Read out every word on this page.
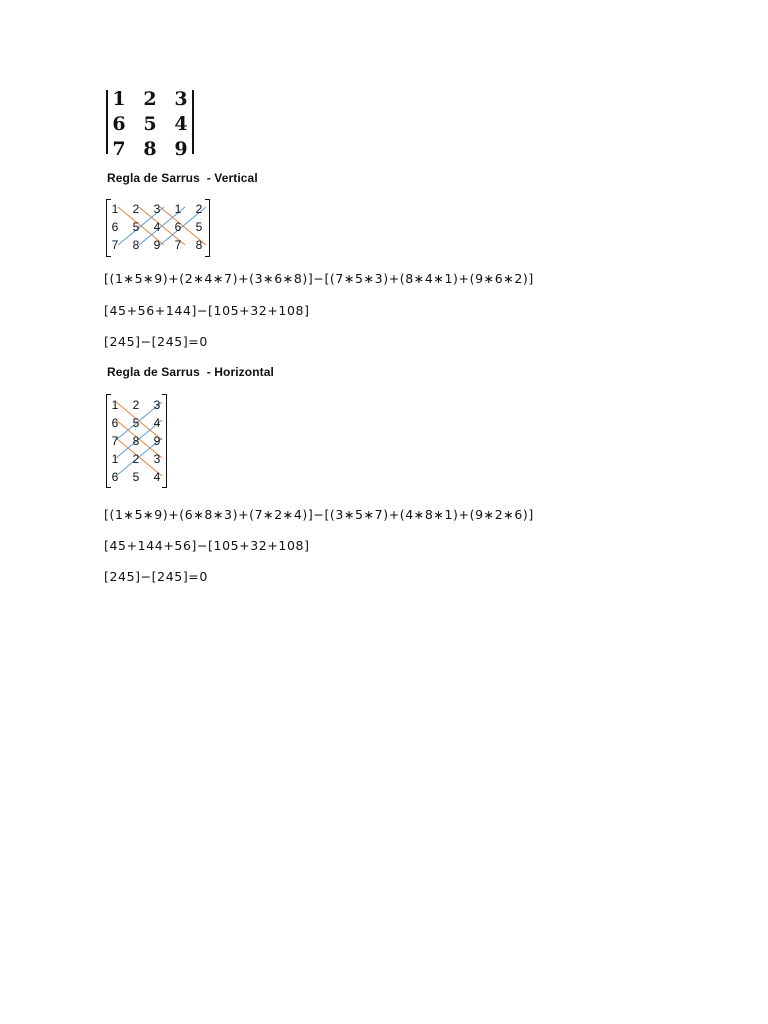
1 2 3
6 5 4
7 8 9
Regla de Sarrus  - Vertical
1 2 3 1 2
6 5 4 6 5
7 8 9 7 8
[(1∗5∗9)+(2∗4∗7)+(3∗6∗8)]−[(7∗5∗3)+(8∗4∗1)+(9∗6∗2)]
[45+56+144]−[105+32+108]
[245]−[245]=0
Regla de Sarrus  - Horizontal
1 2 3
6 5 4
7 8 9
1 2 3
6 5 4
[(1∗5∗9)+(6∗8∗3)+(7∗2∗4)]−[(3∗5∗7)+(4∗8∗1)+(9∗2∗6)]
[45+144+56]−[105+32+108]
[245]−[245]=0
